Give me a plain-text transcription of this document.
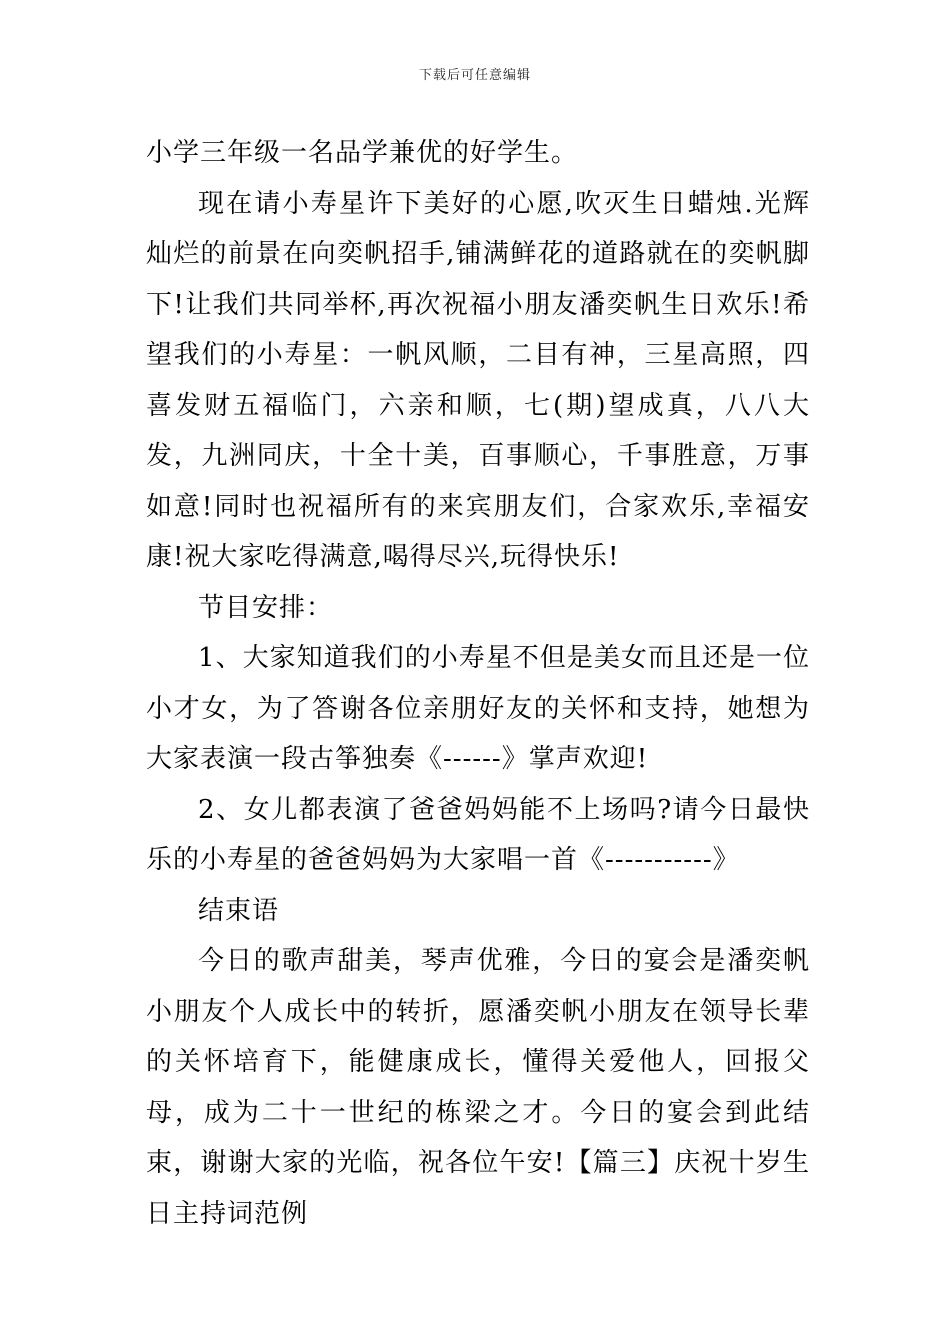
下载后可任意编辑

小学三年级一名品学兼优的好学生。

现在请小寿星许下美好的心愿,吹灭生日蜡烛.光辉灿烂的前景在向奕帆招手,铺满鲜花的道路就在的奕帆脚下!让我们共同举杯,再次祝福小朋友潘奕帆生日欢乐!希望我们的小寿星：一帆风顺，二目有神，三星高照，四喜发财五福临门，六亲和顺，七(期)望成真，八八大发，九洲同庆，十全十美，百事顺心，千事胜意，万事如意!同时也祝福所有的来宾朋友们，合家欢乐,幸福安康!祝大家吃得满意,喝得尽兴,玩得快乐!

节目安排：

1、大家知道我们的小寿星不但是美女而且还是一位小才女，为了答谢各位亲朋好友的关怀和支持，她想为大家表演一段古筝独奏《------》掌声欢迎!

2、女儿都表演了爸爸妈妈能不上场吗?请今日最快乐的小寿星的爸爸妈妈为大家唱一首《-----------》

结束语

今日的歌声甜美，琴声优雅，今日的宴会是潘奕帆小朋友个人成长中的转折，愿潘奕帆小朋友在领导长辈的关怀培育下，能健康成长，懂得关爱他人，回报父母，成为二十一世纪的栋梁之才。今日的宴会到此结束，谢谢大家的光临，祝各位午安!【篇三】庆祝十岁生日主持词范例
